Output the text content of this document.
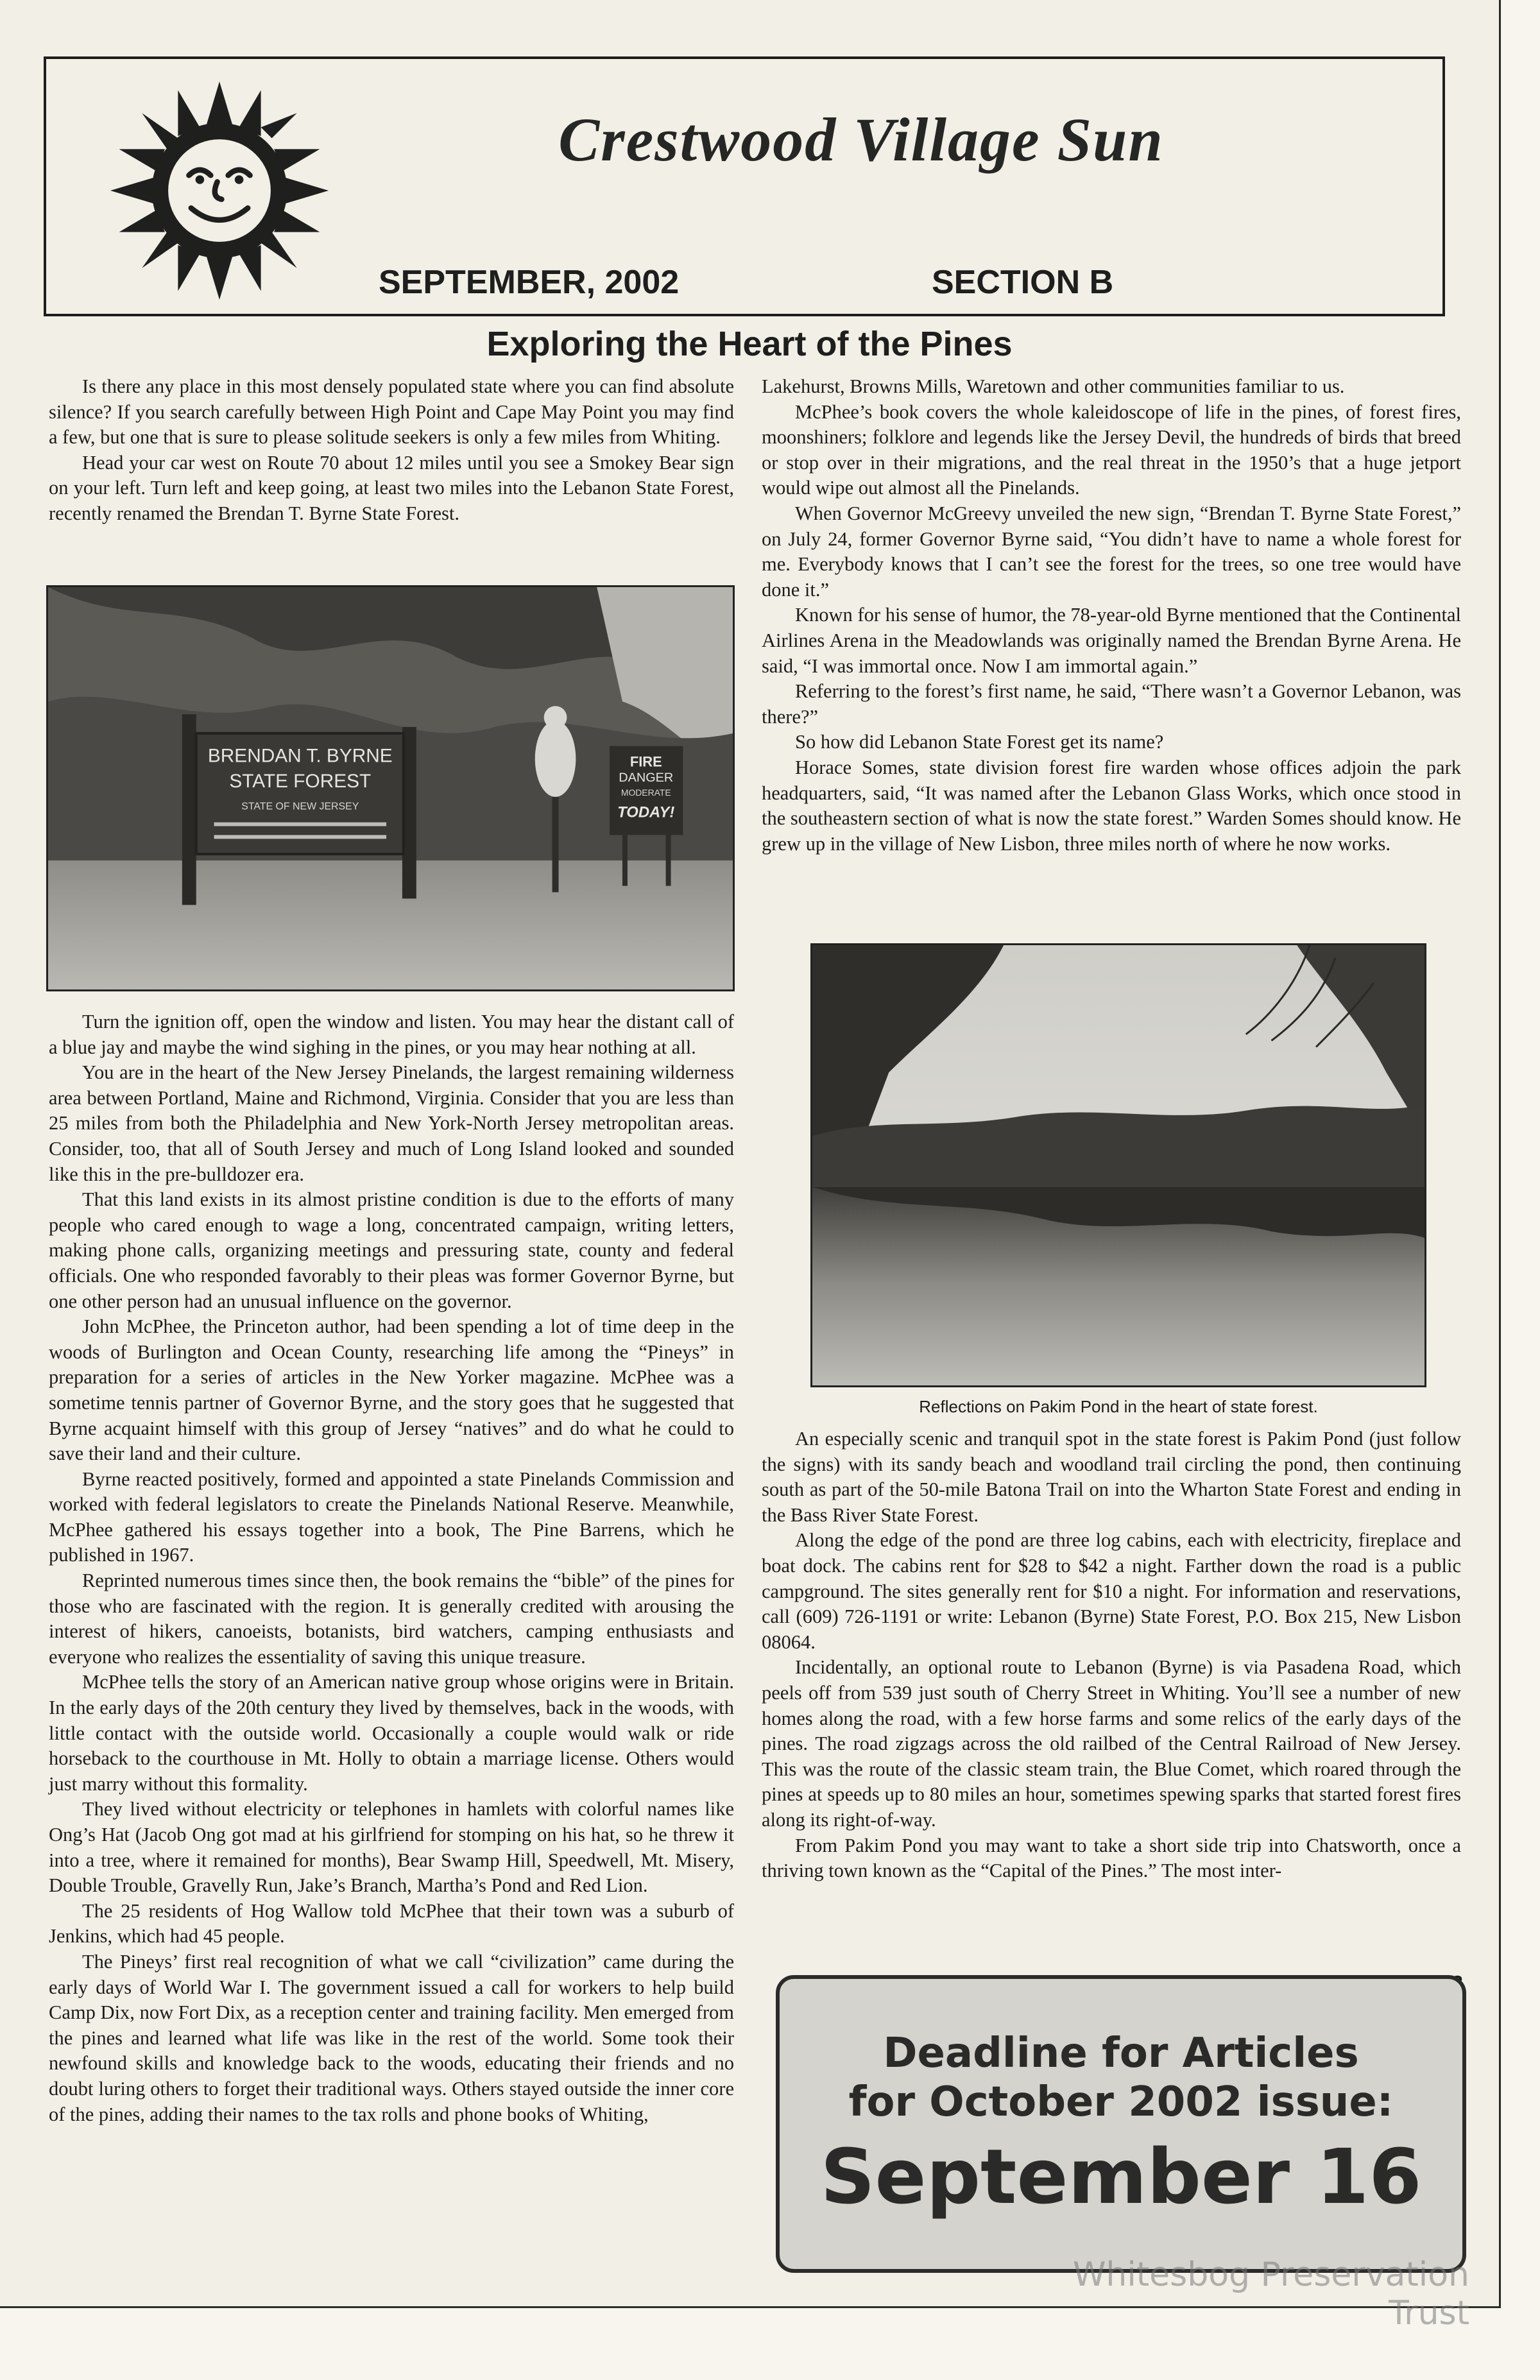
Crestwood Village Sun
SEPTEMBER, 2002	SECTION B
Exploring the Heart of the Pines

Is there any place in this most densely populated state where you can find absolute silence? If you search carefully between High Point and Cape May Point you may find a few, but one that is sure to please solitude seekers is only a few miles from Whiting.

Head your car west on Route 70 about 12 miles until you see a Smokey Bear sign on your left. Turn left and keep going, at least two miles into the Lebanon State Forest, recently renamed the Brendan T. Byrne State Forest.

BRENDAN T. BYRNE
STATE FOREST
STATE OF NEW JERSEY
FIRE
DANGER
MODERATE
TODAY!

Turn the ignition off, open the window and listen. You may hear the distant call of a blue jay and maybe the wind sighing in the pines, or you may hear nothing at all.

You are in the heart of the New Jersey Pinelands, the largest remaining wilderness area between Portland, Maine and Richmond, Virginia. Consider that you are less than 25 miles from both the Philadelphia and New York-North Jersey metropolitan areas. Consider, too, that all of South Jersey and much of Long Island looked and sounded like this in the pre-bulldozer era.

That this land exists in its almost pristine condition is due to the efforts of many people who cared enough to wage a long, concentrated campaign, writing letters, making phone calls, organizing meetings and pressuring state, county and federal officials. One who responded favorably to their pleas was former Governor Byrne, but one other person had an unusual influence on the governor.

John McPhee, the Princeton author, had been spending a lot of time deep in the woods of Burlington and Ocean County, researching life among the “Pineys” in preparation for a series of articles in the New Yorker magazine. McPhee was a sometime tennis partner of Governor Byrne, and the story goes that he suggested that Byrne acquaint himself with this group of Jersey “natives” and do what he could to save their land and their culture.

Byrne reacted positively, formed and appointed a state Pinelands Commission and worked with federal legislators to create the Pinelands National Reserve. Meanwhile, McPhee gathered his essays together into a book, The Pine Barrens, which he published in 1967.

Reprinted numerous times since then, the book remains the “bible” of the pines for those who are fascinated with the region. It is generally credited with arousing the interest of hikers, canoeists, botanists, bird watchers, camping enthusiasts and everyone who realizes the essentiality of saving this unique treasure.

McPhee tells the story of an American native group whose origins were in Britain. In the early days of the 20th century they lived by themselves, back in the woods, with little contact with the outside world. Occasionally a couple would walk or ride horseback to the courthouse in Mt. Holly to obtain a marriage license. Others would just marry without this formality.

They lived without electricity or telephones in hamlets with colorful names like Ong’s Hat (Jacob Ong got mad at his girlfriend for stomping on his hat, so he threw it into a tree, where it remained for months), Bear Swamp Hill, Speedwell, Mt. Misery, Double Trouble, Gravelly Run, Jake’s Branch, Martha’s Pond and Red Lion.

The 25 residents of Hog Wallow told McPhee that their town was a suburb of Jenkins, which had 45 people.

The Pineys’ first real recognition of what we call “civilization” came during the early days of World War I. The government issued a call for workers to help build Camp Dix, now Fort Dix, as a reception center and training facility. Men emerged from the pines and learned what life was like in the rest of the world. Some took their newfound skills and knowledge back to the woods, educating their friends and no doubt luring others to forget their traditional ways. Others stayed outside the inner core of the pines, adding their names to the tax rolls and phone books of Whiting,

Lakehurst, Browns Mills, Waretown and other communities familiar to us.

McPhee’s book covers the whole kaleidoscope of life in the pines, of forest fires, moonshiners; folklore and legends like the Jersey Devil, the hundreds of birds that breed or stop over in their migrations, and the real threat in the 1950’s that a huge jetport would wipe out almost all the Pinelands.

When Governor McGreevy unveiled the new sign, “Brendan T. Byrne State Forest,” on July 24, former Governor Byrne said, “You didn’t have to name a whole forest for me. Everybody knows that I can’t see the forest for the trees, so one tree would have done it.”

Known for his sense of humor, the 78-year-old Byrne mentioned that the Continental Airlines Arena in the Meadowlands was originally named the Brendan Byrne Arena. He said, “I was immortal once. Now I am immortal again.”

Referring to the forest’s first name, he said, “There wasn’t a Governor Lebanon, was there?”

So how did Lebanon State Forest get its name?

Horace Somes, state division forest fire warden whose offices adjoin the park headquarters, said, “It was named after the Lebanon Glass Works, which once stood in the southeastern section of what is now the state forest.” Warden Somes should know. He grew up in the village of New Lisbon, three miles north of where he now works.

Reflections on Pakim Pond in the heart of state forest.

An especially scenic and tranquil spot in the state forest is Pakim Pond (just follow the signs) with its sandy beach and woodland trail circling the pond, then continuing south as part of the 50-mile Batona Trail on into the Wharton State Forest and ending in the Bass River State Forest.

Along the edge of the pond are three log cabins, each with electricity, fireplace and boat dock. The cabins rent for $28 to $42 a night. Farther down the road is a public campground. The sites generally rent for $10 a night. For information and reservations, call (609) 726-1191 or write: Lebanon (Byrne) State Forest, P.O. Box 215, New Lisbon 08064.

Incidentally, an optional route to Lebanon (Byrne) is via Pasadena Road, which peels off from 539 just south of Cherry Street in Whiting. You’ll see a number of new homes along the road, with a few horse farms and some relics of the early days of the pines. The road zigzags across the old railbed of the Central Railroad of New Jersey. This was the route of the classic steam train, the Blue Comet, which roared through the pines at speeds up to 80 miles an hour, sometimes spewing sparks that started forest fires along its right-of-way.

From Pakim Pond you may want to take a short side trip into Chatsworth, once a thriving town known as the “Capital of the Pines.” The most inter-

Deadline for Articles
for October 2002 issue:
September 16
Whitesbog Preservation Trust
